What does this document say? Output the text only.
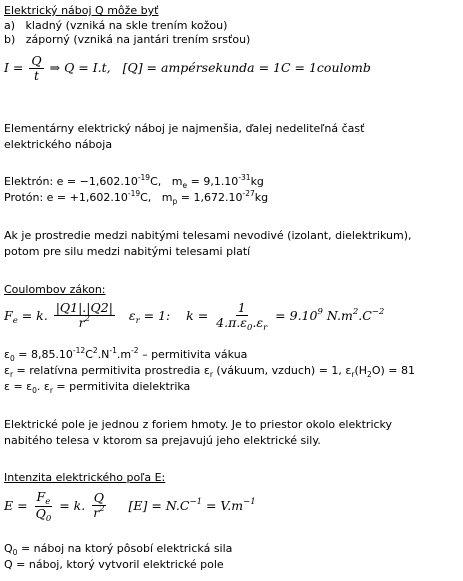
Elektrický náboj Q môže byť
a) kladný (vzniká na skle trením kožou)
b) záporný (vzniká na jantári trením srsťou)
$I = \frac{Q}{t}$ ⇒ Q = I.t, [Q] = ampérsekunda = 1C = 1coulomb
Elementárny elektrický náboj je najmenšia, ďalej nedeliteľná časť
elektrického náboja
Elektrón: $e = -1,602.10^{-19}C$, $m_e = 9,1.10^{-31}kg$
Protón: $e = +1,602.10^{-19}C$, $m_p = 1,672.10^{-27}kg$
Ak je prostredie medzi nabitými telesami nevodivé (izolant, dielektrikum),
potom pre silu medzi nabitými telesami platí
Coulombov zákon:
$F_e = k$. $\frac{|Q1|.|Q2|}{r^2} \varepsilon_r = 1$: $k = \frac{1}{4.\pi.\varepsilon_0.\varepsilon_r} = 9.10^9$ $N.m^2.C^{-2}$
$\varepsilon_0 = 8,85.10^{-12}C^2.N^{-1}.m^{-2}$ – permitivita vákua
$\varepsilon_r$ = relatívna permitivita prostredia $\varepsilon_r$ (vákuum, vzduch) = 1, $\varepsilon_r(H_2O) = 81$
$\varepsilon = \varepsilon_0$. $\varepsilon_r$ = permitivita dielektrika
Elektrické pole je jednou z foriem hmoty. Je to priestor okolo elektricky
nabitého telesa v ktorom sa prejavujú jeho elektrické sily.
Intenzita elektrického poľa E:
$E = \frac{F_e}{Q_0} = k$. $\frac{Q}{r^2} [E] = N.C^{-1} = V.m^{-1}$
$Q_0$ = náboj na ktorý pôsobí elektrická sila
Q = náboj, ktorý vytvoril elektrické pole
